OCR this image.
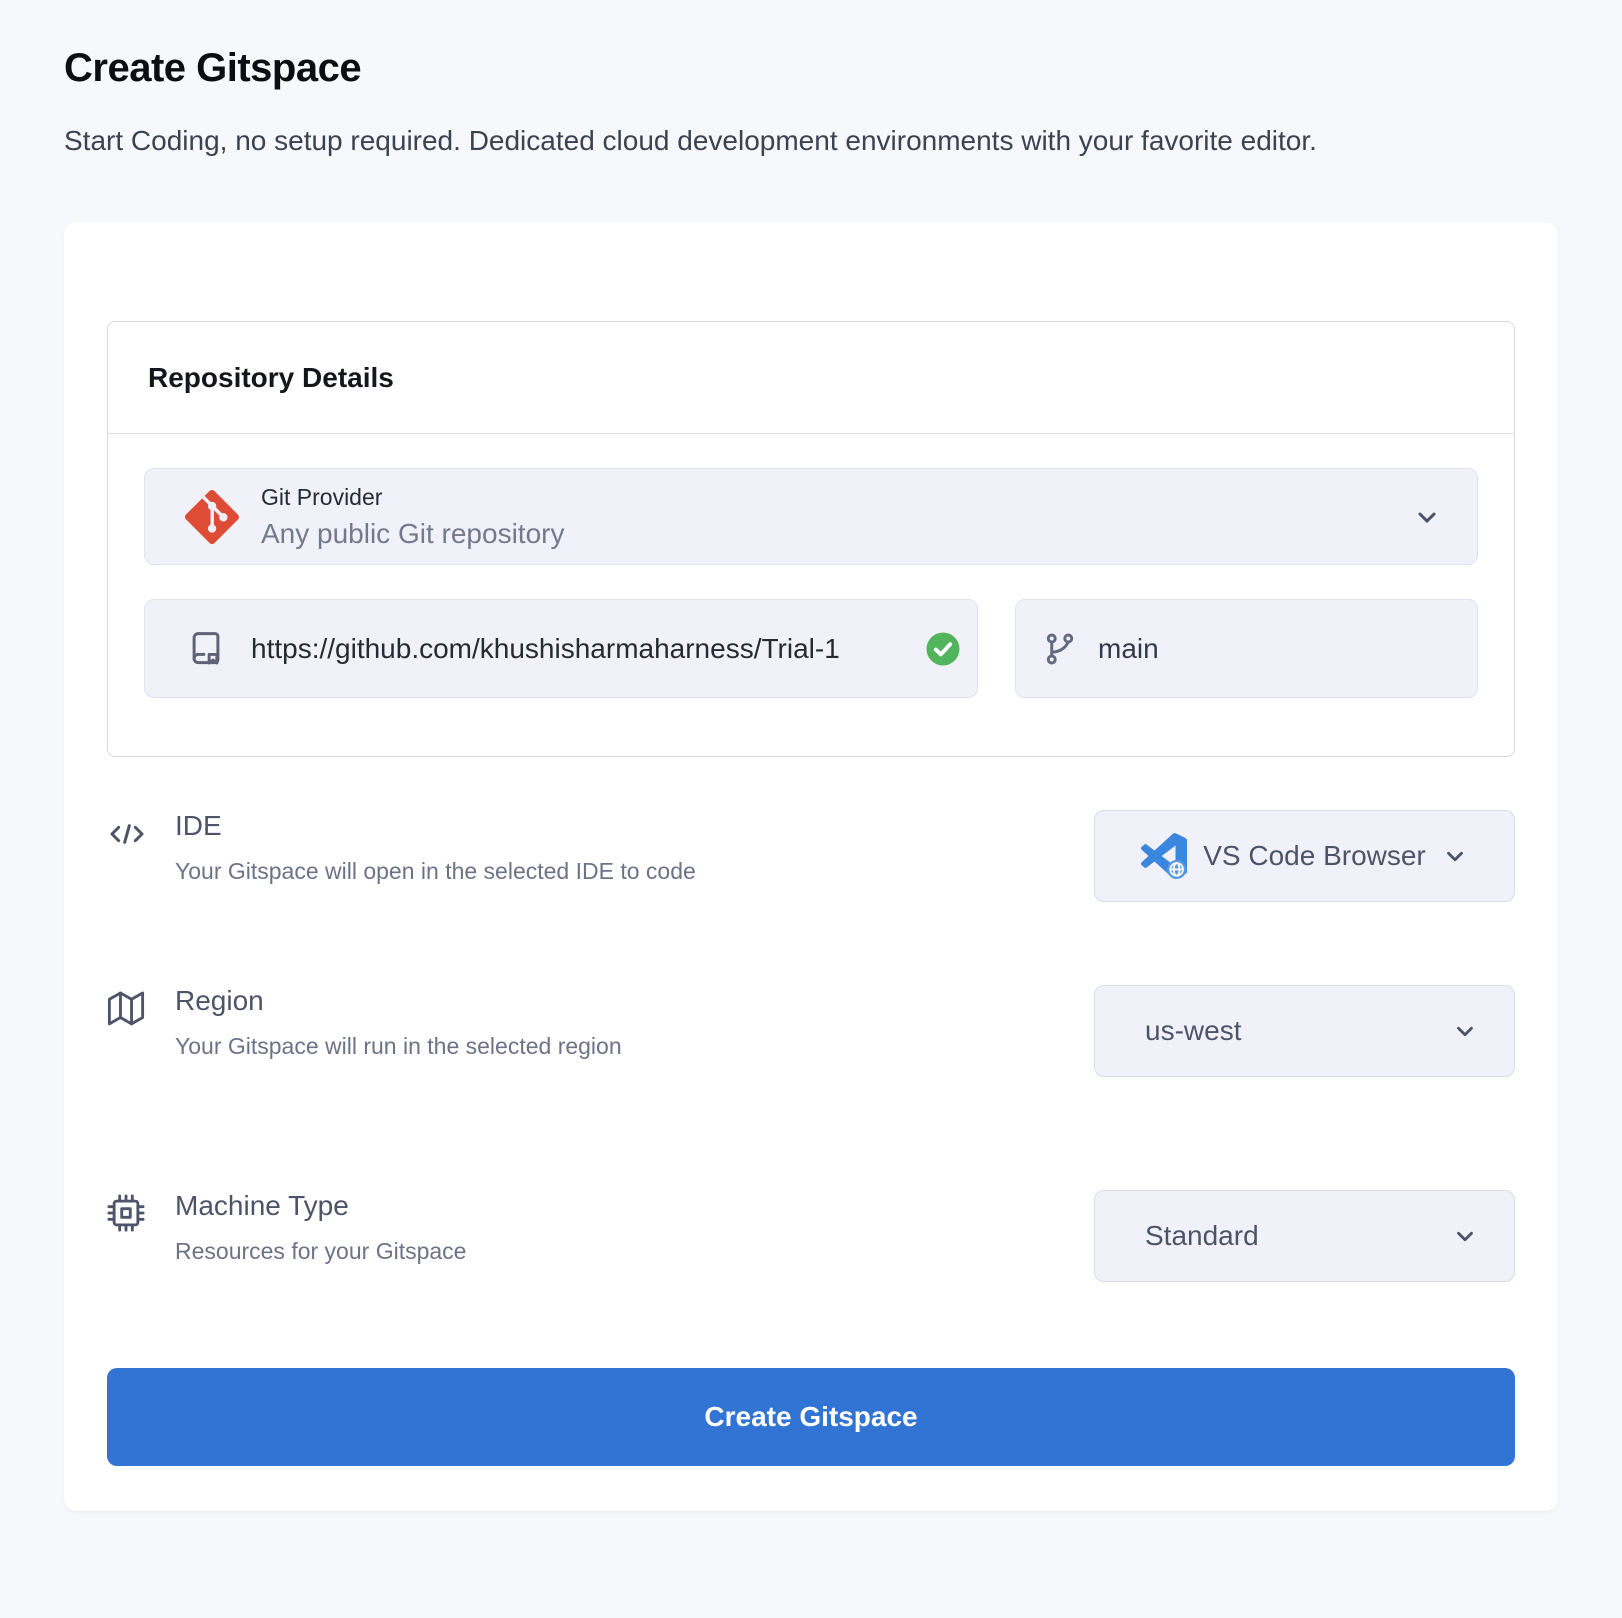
Create Gitspace

Start Coding, no setup required. Dedicated cloud development environments with your favorite editor.

Repository Details
Git Provider
Any public Git repository
https://github.com/khushisharmaharness/Trial-1	main
IDE
Your Gitspace will open in the selected IDE to code	VS Code Browser
Region
Your Gitspace will run in the selected region	us-west
Machine Type
Resources for your Gitspace	Standard
Create Gitspace
